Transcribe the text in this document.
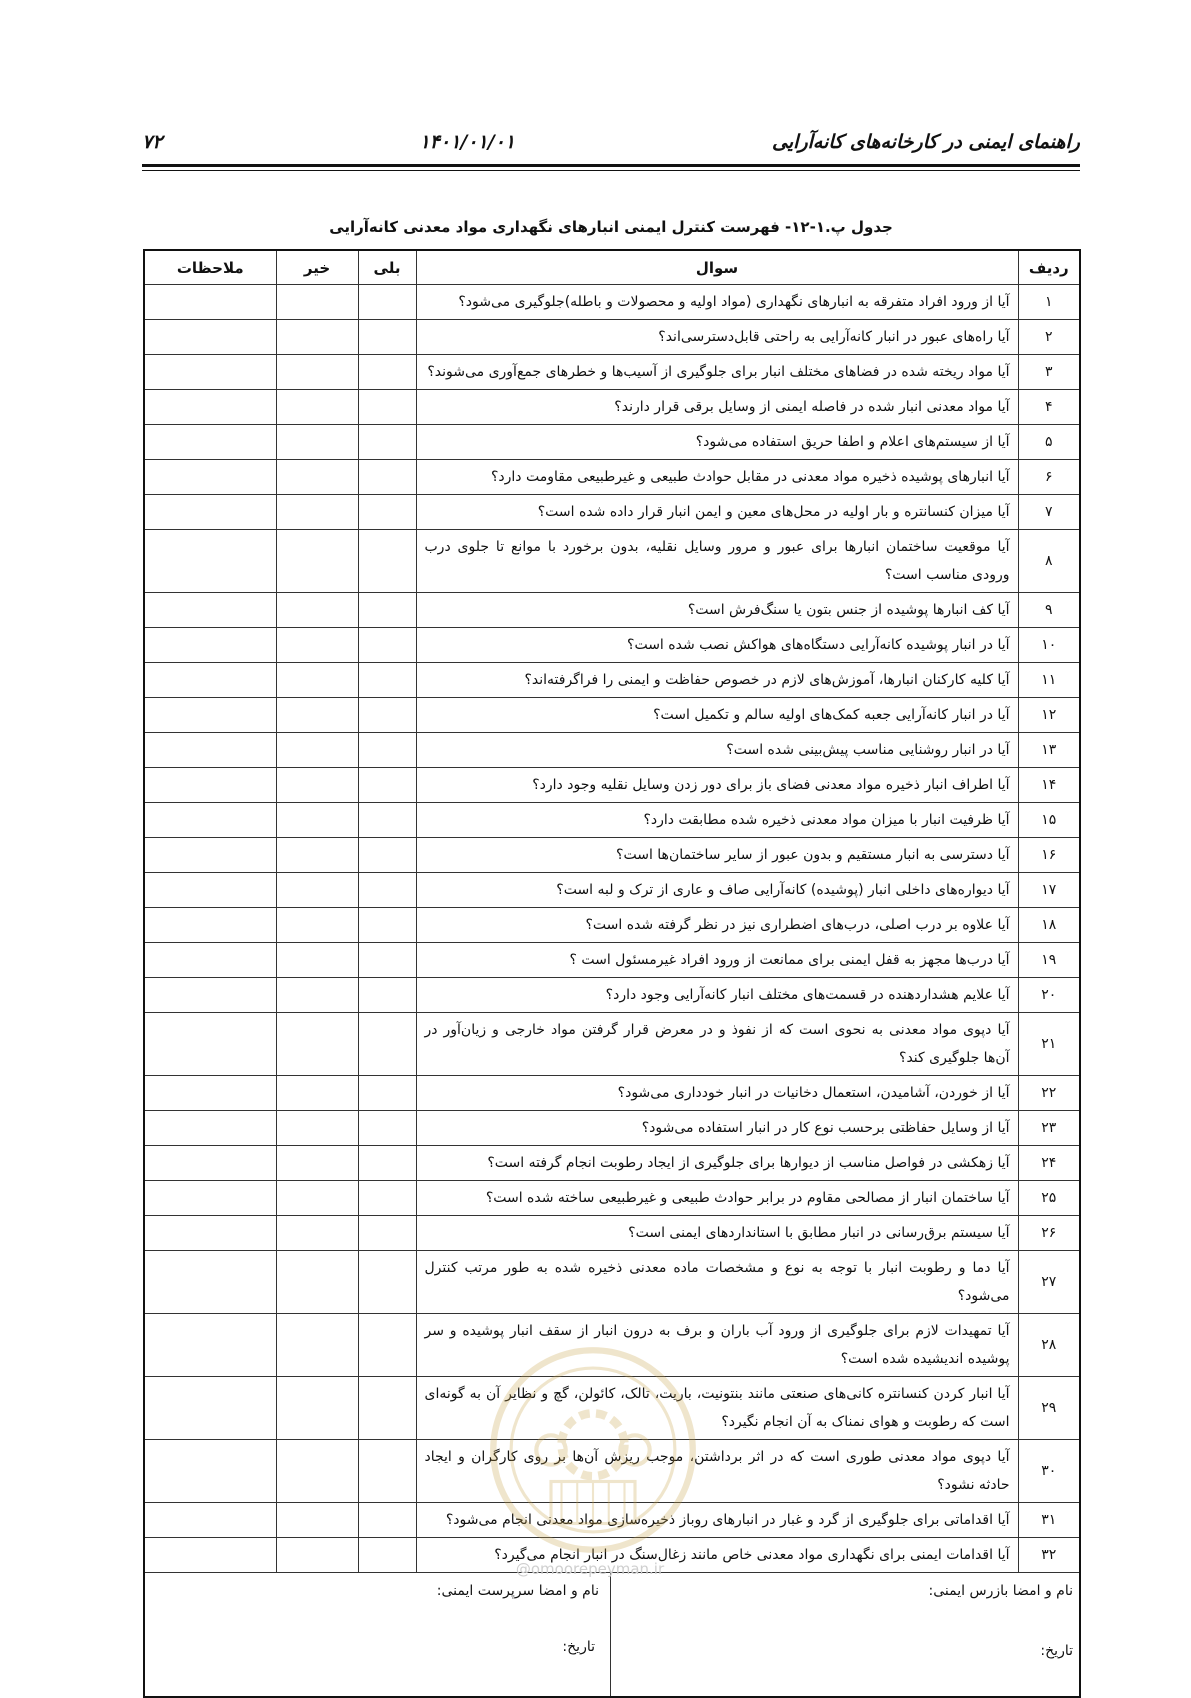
۷۲	۱۴۰۱/۰۱/۰۱	راهنمای ایمنی در کارخانه‌های کانه‌آرایی
جدول پ.۱-۱۲- فهرست کنترل ایمنی انبارهای نگهداری مواد معدنی کانه‌آرایی
ردیف	سوال	بلی	خیر	ملاحظات
۱	آیا از ورود افراد متفرقه به انبارهای نگهداری (مواد اولیه و محصولات و باطله)جلوگیری می‌شود؟			
۲	آیا راه‌های عبور در انبار کانه‌آرایی به راحتی قابل‌دسترسی‌اند؟			
۳	آیا مواد ریخته شده در فضاهای مختلف انبار برای جلوگیری از آسیب‌ها و خطرهای جمع‌آوری می‌شوند؟			
۴	آیا مواد معدنی انبار شده در فاصله ایمنی از وسایل برقی قرار دارند؟			
۵	آیا از سیستم‌های اعلام و اطفا حریق استفاده می‌شود؟			
۶	آیا انبارهای پوشیده ذخیره مواد معدنی در مقابل حوادث طبیعی و غیرطبیعی مقاومت دارد؟			
۷	آیا میزان کنسانتره و بار اولیه در محل‌های معین و ایمن انبار قرار داده شده است؟			
۸	آیا موقعیت ساختمان انبارها برای عبور و مرور وسایل نقلیه، بدون برخورد با موانع تا جلوی درب ورودی مناسب است؟			
۹	آیا کف انبارها پوشیده از جنس بتون یا سنگ‌فرش است؟			
۱۰	آیا در انبار پوشیده کانه‌آرایی دستگاه‌های هواکش نصب شده است؟			
۱۱	آیا کلیه کارکنان انبارها، آموزش‌های لازم در خصوص حفاظت و ایمنی را فراگرفته‌اند؟			
۱۲	آیا در انبار کانه‌آرایی جعبه کمک‌های اولیه سالم و تکمیل است؟			
۱۳	آیا در انبار روشنایی مناسب پیش‌بینی شده است؟			
۱۴	آیا اطراف انبار ذخیره مواد معدنی فضای باز برای دور زدن وسایل نقلیه وجود دارد؟			
۱۵	آیا ظرفیت انبار با میزان مواد معدنی ذخیره شده مطابقت دارد؟			
۱۶	آیا دسترسی به انبار مستقیم و بدون عبور از سایر ساختمان‌ها است؟			
۱۷	آیا دیواره‌های داخلی انبار (پوشیده) کانه‌آرایی صاف و عاری از ترک و لبه است؟			
۱۸	آیا علاوه بر درب اصلی، درب‌های اضطراری نیز در نظر گرفته شده است؟			
۱۹	آیا درب‌ها مجهز به قفل ایمنی برای ممانعت از ورود افراد غیرمسئول است ؟			
۲۰	آیا علایم هشداردهنده در قسمت‌های مختلف انبار کانه‌آرایی وجود دارد؟			
۲۱	آیا دپوی مواد معدنی به نحوی است که از نفوذ و در معرض قرار گرفتن مواد خارجی و زیان‌آور در آن‌ها جلوگیری کند؟			
۲۲	آیا از خوردن، آشامیدن، استعمال دخانیات در انبار خودداری می‌شود؟			
۲۳	آیا از وسایل حفاظتی برحسب نوع کار در انبار استفاده می‌شود؟			
۲۴	آیا زهکشی در فواصل مناسب از دیوارها برای جلوگیری از ایجاد رطوبت انجام گرفته است؟			
۲۵	آیا ساختمان انبار از مصالحی مقاوم در برابر حوادث طبیعی و غیرطبیعی ساخته شده است؟			
۲۶	آیا سیستم برق‌رسانی در انبار مطابق با استانداردهای ایمنی است؟			
۲۷	آیا دما و رطوبت انبار با توجه به نوع و مشخصات ماده معدنی ذخیره شده به طور مرتب کنترل می‌شود؟			
۲۸	آیا تمهیدات لازم برای جلوگیری از ورود آب باران و برف به درون انبار از سقف انبار پوشیده و سر پوشیده اندیشیده شده است؟			
۲۹	آیا انبار کردن کنسانتره کانی‌های صنعتی مانند بنتونیت، باریت، تالک، کائولن، گچ و نظایر آن به گونه‌ای است که رطوبت و هوای نمناک به آن انجام نگیرد؟			
۳۰	آیا دپوی مواد معدنی طوری است که در اثر برداشتن، موجب ریزش آن‌ها بر روی کارگران و ایجاد حادثه نشود؟			
۳۱	آیا اقداماتی برای جلوگیری از گرد و غبار در انبارهای روباز ذخیره‌سازی مواد معدنی انجام می‌شود؟			
۳۲	آیا اقدامات ایمنی برای نگهداری مواد معدنی خاص مانند زغال‌سنگ در انبار انجام می‌گیرد؟			

نام و امضا بازرس ایمنی:
نام و امضا سرپرست ایمنی:
تاریخ:
تاریخ:				
@omoorepeyman.ir
